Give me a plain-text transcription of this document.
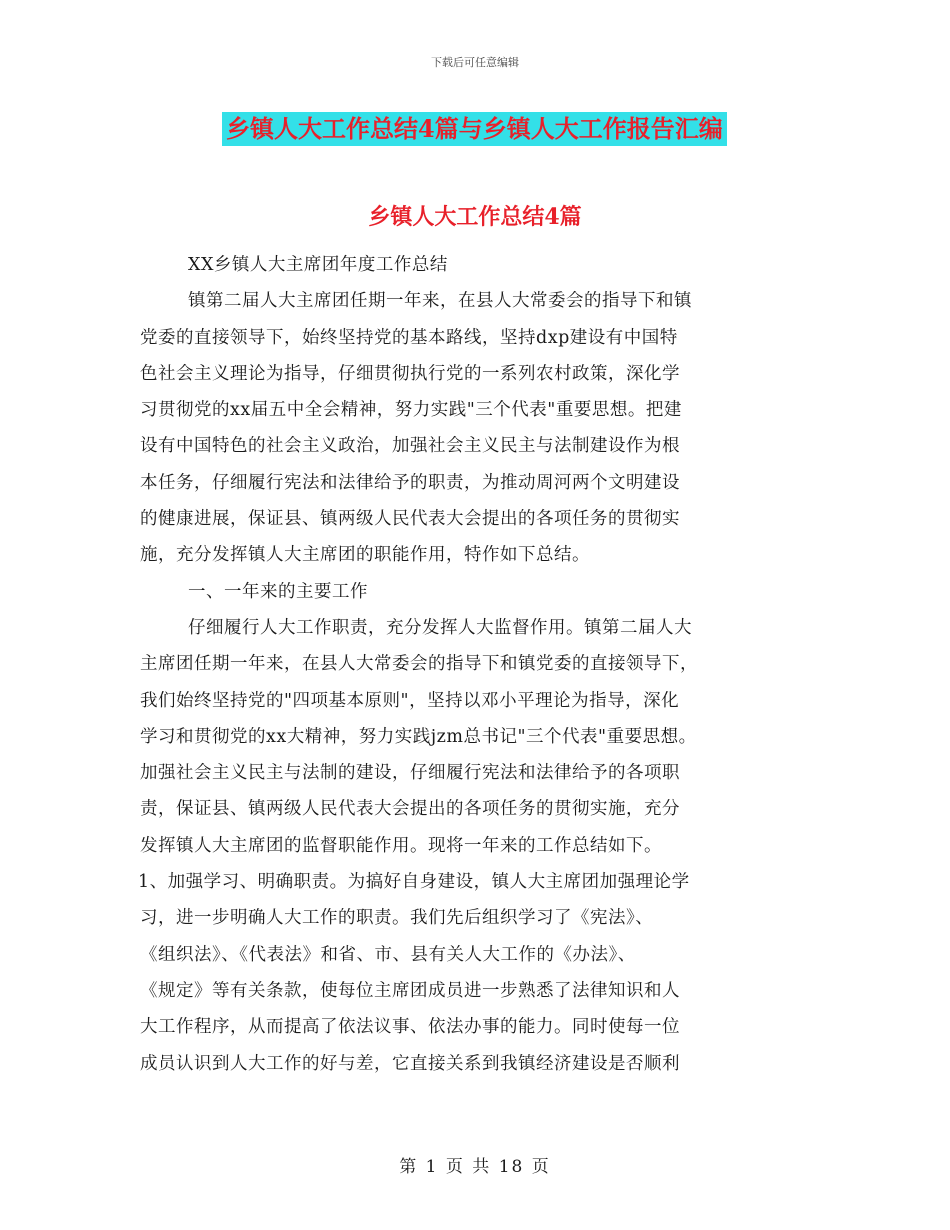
下载后可任意编辑
乡镇人大工作总结4篇与乡镇人大工作报告汇编
乡镇人大工作总结4篇
XX乡镇人大主席团年度工作总结
镇第二届人大主席团任期一年来，在县人大常委会的指导下和镇
党委的直接领导下，始终坚持党的基本路线，坚持dxp建设有中国特
色社会主义理论为指导，仔细贯彻执行党的一系列农村政策，深化学
习贯彻党的xx届五中全会精神，努力实践"三个代表"重要思想。把建
设有中国特色的社会主义政治，加强社会主义民主与法制建设作为根
本任务，仔细履行宪法和法律给予的职责，为推动周河两个文明建设
的健康进展，保证县、镇两级人民代表大会提出的各项任务的贯彻实
施，充分发挥镇人大主席团的职能作用，特作如下总结。
一、一年来的主要工作
仔细履行人大工作职责，充分发挥人大监督作用。镇第二届人大
主席团任期一年来，在县人大常委会的指导下和镇党委的直接领导下，
我们始终坚持党的"四项基本原则"，坚持以邓小平理论为指导，深化
学习和贯彻党的xx大精神，努力实践jzm总书记"三个代表"重要思想。
加强社会主义民主与法制的建设，仔细履行宪法和法律给予的各项职
责，保证县、镇两级人民代表大会提出的各项任务的贯彻实施，充分
发挥镇人大主席团的监督职能作用。现将一年来的工作总结如下。
1、加强学习、明确职责。为搞好自身建设，镇人大主席团加强理论学
习，进一步明确人大工作的职责。我们先后组织学习了《宪法》、
《组织法》、《代表法》和省、市、县有关人大工作的《办法》、
《规定》等有关条款，使每位主席团成员进一步熟悉了法律知识和人
大工作程序，从而提高了依法议事、依法办事的能力。同时使每一位
成员认识到人大工作的好与差，它直接关系到我镇经济建设是否顺利
第 1 页 共 18 页
